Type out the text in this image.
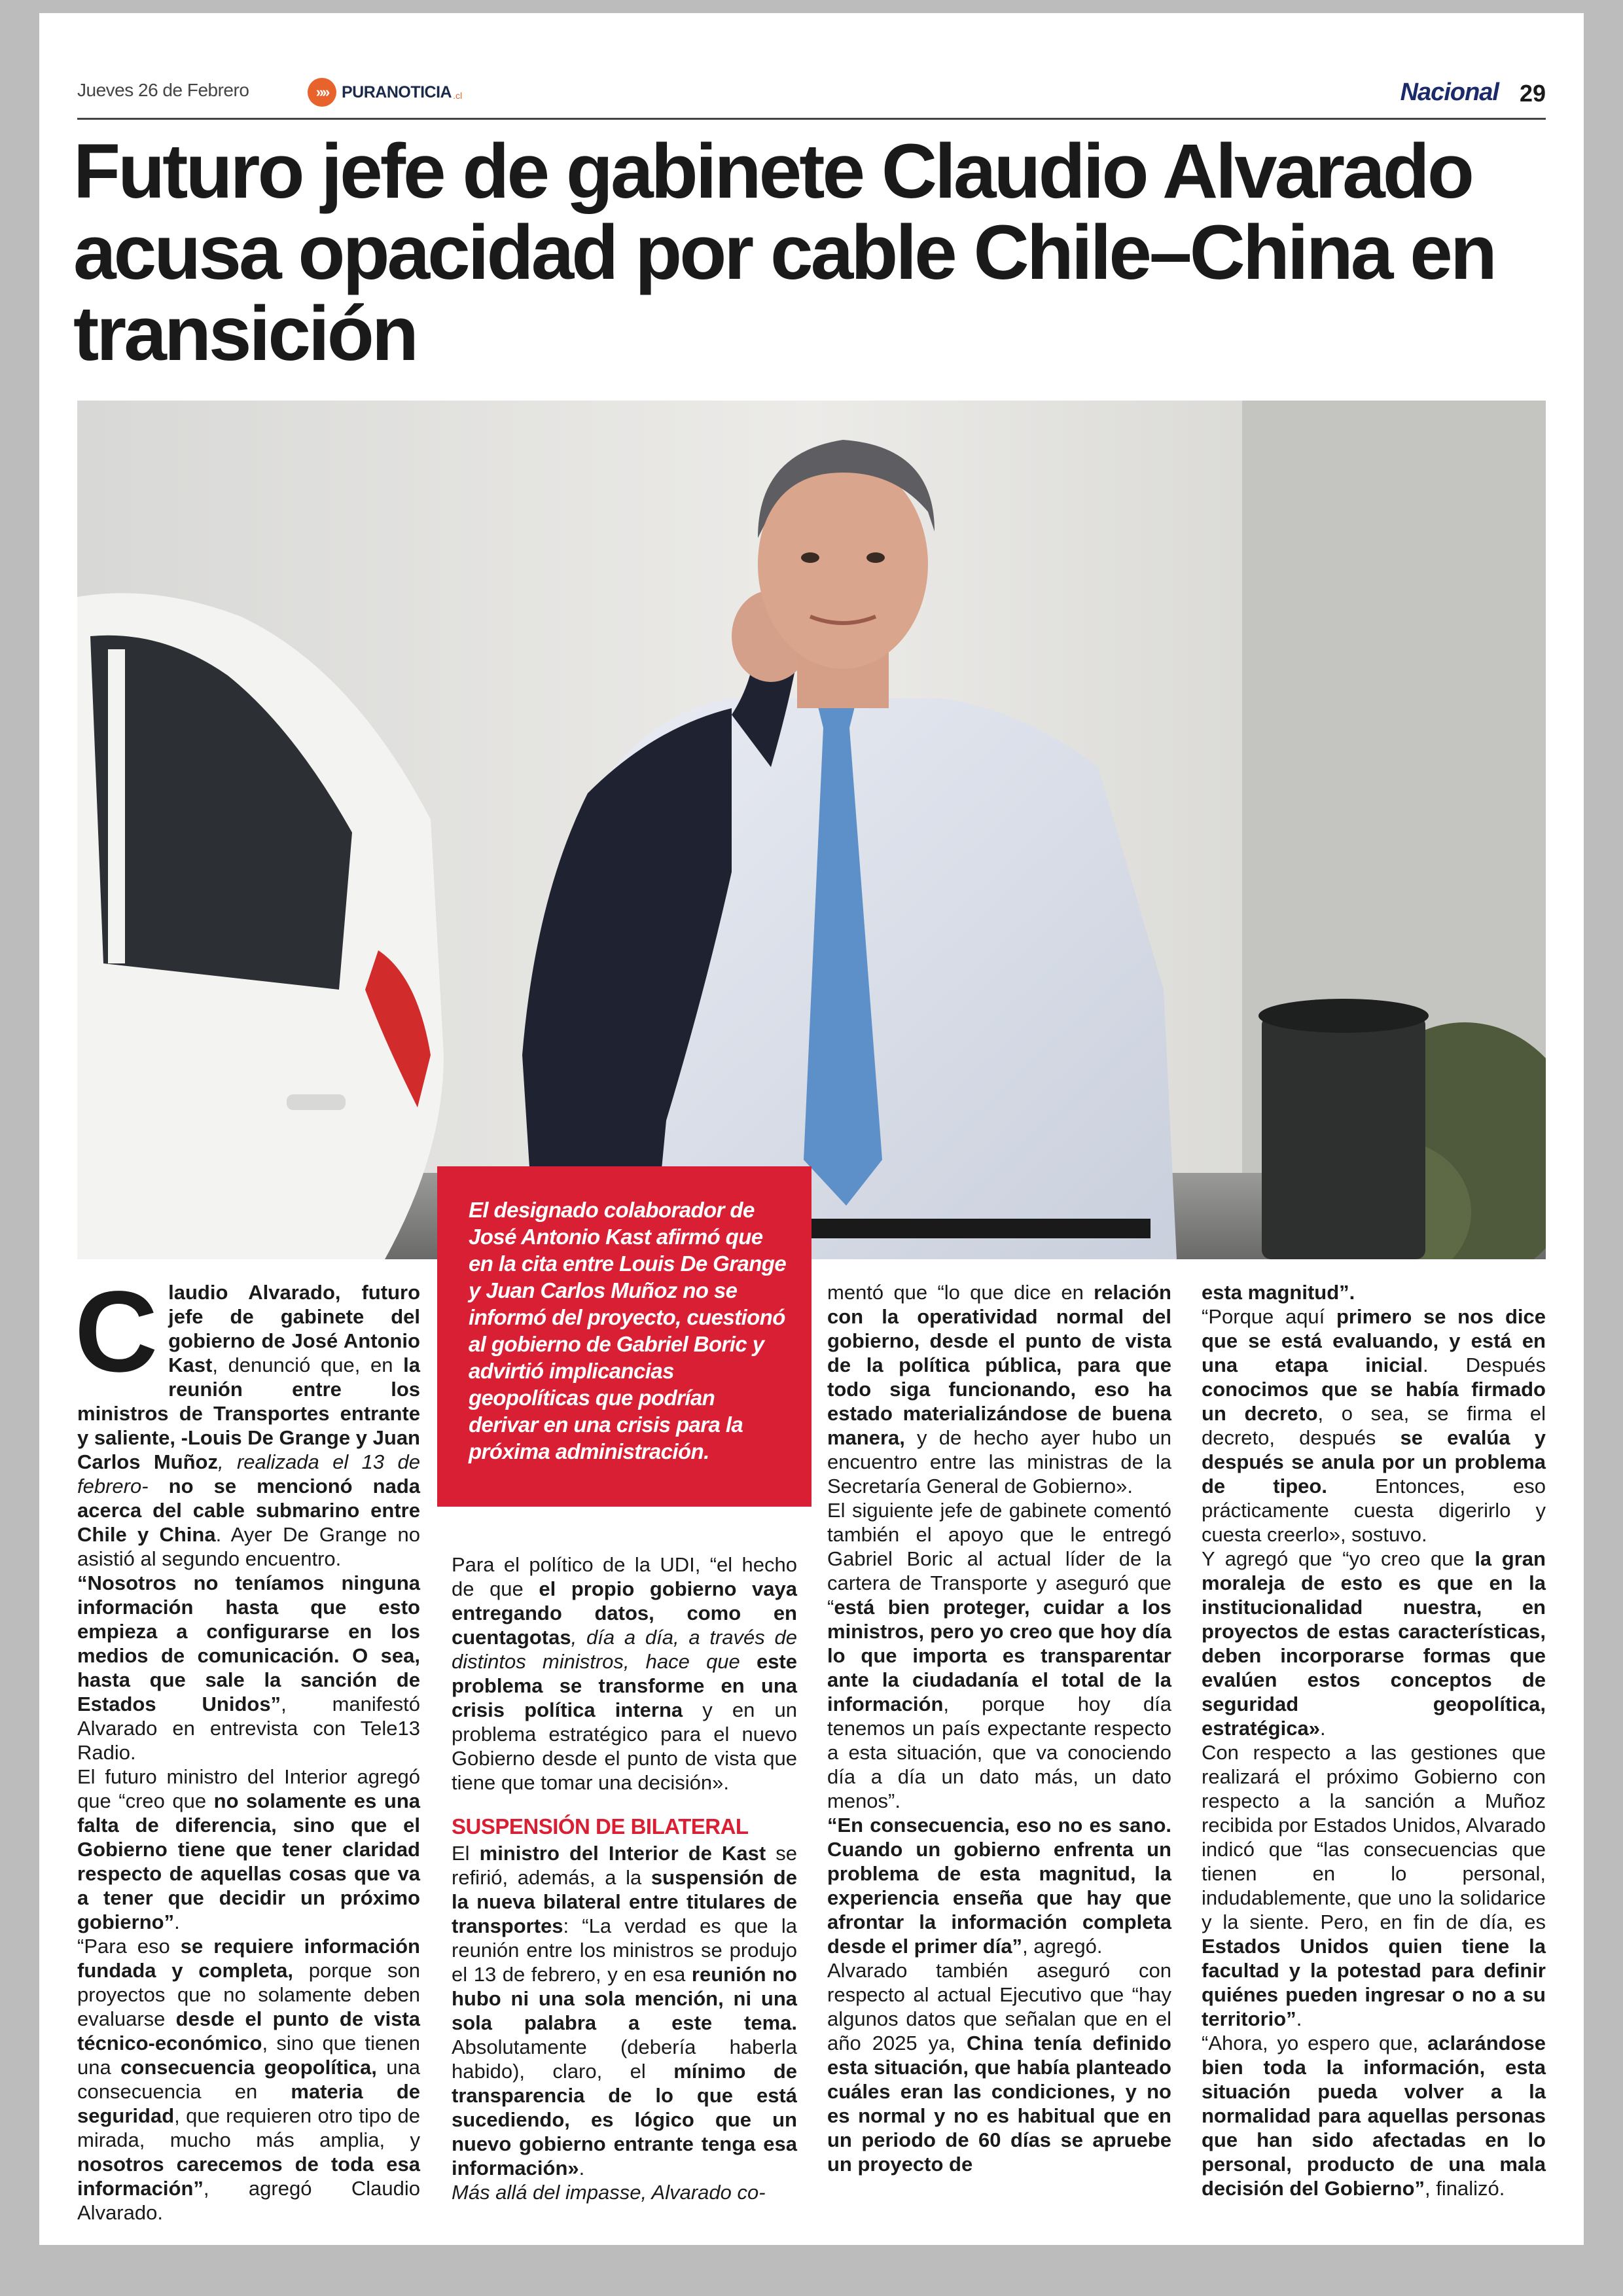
Jueves 26 de Febrero	»» PURANOTICIA .cl	Nacional 29
Futuro jefe de gabinete Claudio Alvarado acusa opacidad por cable Chile–China en transición

El designado colaborador de José Antonio Kast afirmó que en la cita entre Louis De Grange y Juan Carlos Muñoz no se informó del proyecto, cuestionó al gobierno de Gabriel Boric y advirtió implicancias geopolíticas que podrían derivar en una crisis para la próxima administración.

Claudio Alvarado, futuro jefe de gabinete del gobierno de José Antonio Kast, denunció que, en la reunión entre los ministros de Transportes entrante y saliente, -Louis De Grange y Juan Carlos Muñoz, realizada el 13 de febrero- no se mencionó nada acerca del cable submarino entre Chile y China. Ayer De Grange no asistió al segundo encuentro.

“Nosotros no teníamos ninguna información hasta que esto empieza a configurarse en los medios de comunicación. O sea, hasta que sale la sanción de Estados Unidos”, manifestó Alvarado en entrevista con Tele13 Radio.

El futuro ministro del Interior agregó que “creo que no solamente es una falta de diferencia, sino que el Gobierno tiene que tener claridad respecto de aquellas cosas que va a tener que decidir un próximo gobierno”.

“Para eso se requiere información fundada y completa, porque son proyectos que no solamente deben evaluarse desde el punto de vista técnico-económico, sino que tienen una consecuencia geopolítica, una consecuencia en materia de seguridad, que requieren otro tipo de mirada, mucho más amplia, y nosotros carecemos de toda esa información”, agregó Claudio Alvarado.

Para el político de la UDI, “el hecho de que el propio gobierno vaya entregando datos, como en cuentagotas, día a día, a través de distintos ministros, hace que este problema se transforme en una crisis política interna y en un problema estratégico para el nuevo Gobierno desde el punto de vista que tiene que tomar una decisión».

SUSPENSIÓN DE BILATERAL

El ministro del Interior de Kast se refirió, además, a la suspensión de la nueva bilateral entre titulares de transportes: “La verdad es que la reunión entre los ministros se produjo el 13 de febrero, y en esa reunión no hubo ni una sola mención, ni una sola palabra a este tema. Absolutamente (debería haberla habido), claro, el mínimo de transparencia de lo que está sucediendo, es lógico que un nuevo gobierno entrante tenga esa información».

Más allá del impasse, Alvarado co-

mentó que “lo que dice en relación con la operatividad normal del gobierno, desde el punto de vista de la política pública, para que todo siga funcionando, eso ha estado materializándose de buena manera, y de hecho ayer hubo un encuentro entre las ministras de la Secretaría General de Gobierno».

El siguiente jefe de gabinete comentó también el apoyo que le entregó Gabriel Boric al actual líder de la cartera de Transporte y aseguró que “está bien proteger, cuidar a los ministros, pero yo creo que hoy día lo que importa es transparentar ante la ciudadanía el total de la información, porque hoy día tenemos un país expectante respecto a esta situación, que va conociendo día a día un dato más, un dato menos”.

“En consecuencia, eso no es sano. Cuando un gobierno enfrenta un problema de esta magnitud, la experiencia enseña que hay que afrontar la información completa desde el primer día”, agregó.

Alvarado también aseguró con respecto al actual Ejecutivo que “hay algunos datos que señalan que en el año 2025 ya, China tenía definido esta situación, que había planteado cuáles eran las condiciones, y no es normal y no es habitual que en un periodo de 60 días se apruebe un proyecto de

esta magnitud”.

“Porque aquí primero se nos dice que se está evaluando, y está en una etapa inicial. Después conocimos que se había firmado un decreto, o sea, se firma el decreto, después se evalúa y después se anula por un problema de tipeo. Entonces, eso prácticamente cuesta digerirlo y cuesta creerlo», sostuvo.

Y agregó que “yo creo que la gran moraleja de esto es que en la institucionalidad nuestra, en proyectos de estas características, deben incorporarse formas que evalúen estos conceptos de seguridad geopolítica, estratégica».

Con respecto a las gestiones que realizará el próximo Gobierno con respecto a la sanción a Muñoz recibida por Estados Unidos, Alvarado indicó que “las consecuencias que tienen en lo personal, indudablemente, que uno la solidarice y la siente. Pero, en fin de día, es Estados Unidos quien tiene la facultad y la potestad para definir quiénes pueden ingresar o no a su territorio”.

“Ahora, yo espero que, aclarándose bien toda la información, esta situación pueda volver a la normalidad para aquellas personas que han sido afectadas en lo personal, producto de una mala decisión del Gobierno”, finalizó.
